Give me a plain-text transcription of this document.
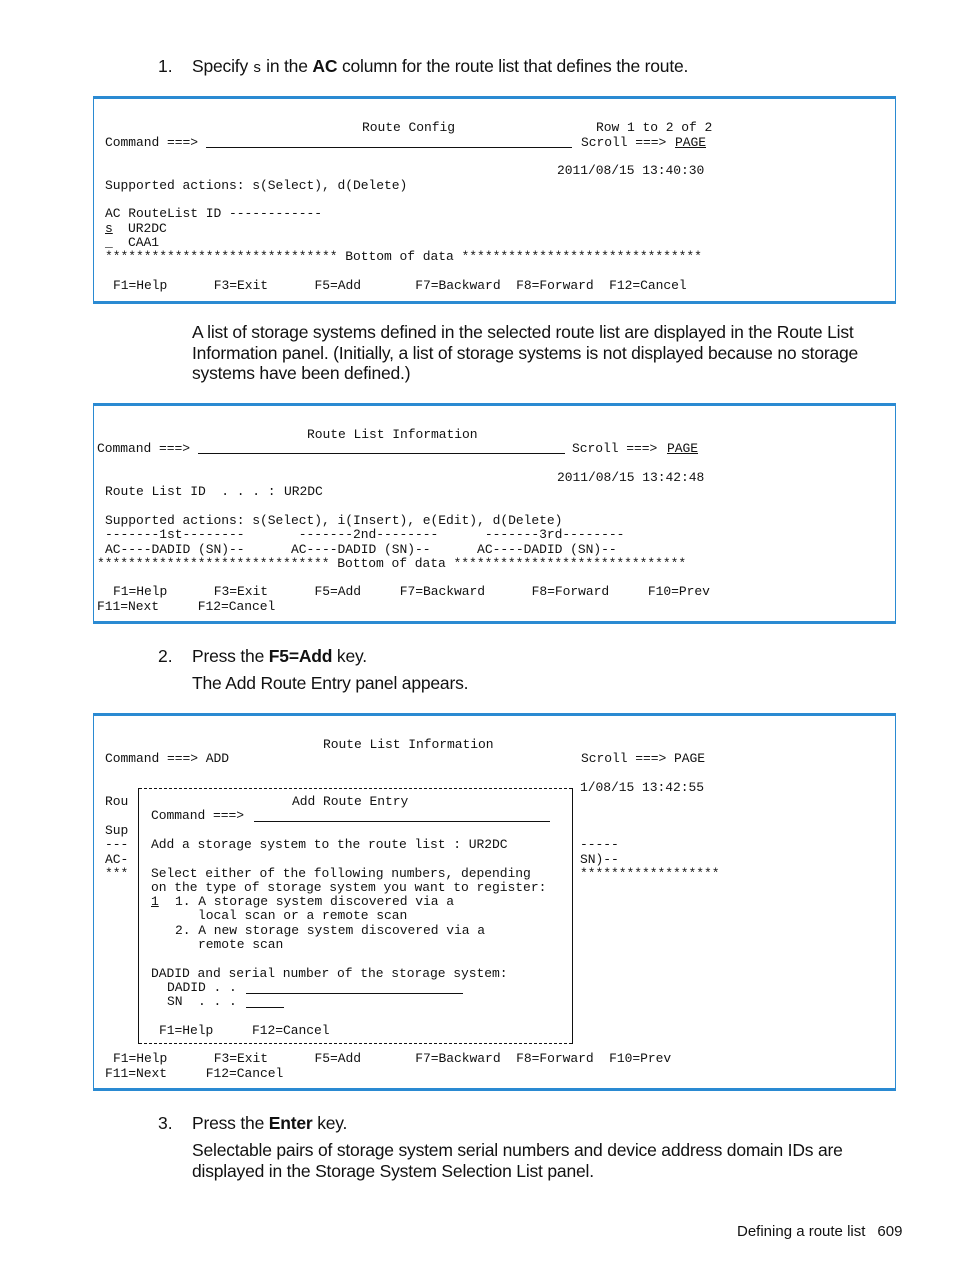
1. Specify s in the AC column for the route list that defines the route.
Route Config	Row 1 to 2 of 2
Command ===>	Scroll ===> PAGE
2011/08/15 13:40:30
Supported actions: s(Select), d(Delete)
AC RouteList ID ------------
s UR2DC
_ CAA1
****************************** Bottom of data *******************************
F1=Help      F3=Exit      F5=Add       F7=Backward  F8=Forward  F12=Cancel
A list of storage systems defined in the selected route list are displayed in the Route List Information panel. (Initially, a list of storage systems is not displayed because no storage systems have been defined.)
Route List Information
Command ===>	Scroll ===> PAGE
2011/08/15 13:42:48
Route List ID  . . . : UR2DC
Supported actions: s(Select), i(Insert), e(Edit), d(Delete)
-------1st--------       -------2nd--------      -------3rd--------
AC----DADID (SN)--      AC----DADID (SN)--      AC----DADID (SN)--
****************************** Bottom of data ******************************
F1=Help      F3=Exit      F5=Add     F7=Backward      F8=Forward     F10=Prev
F11=Next     F12=Cancel
2. Press the F5=Add key.
The Add Route Entry panel appears.
Route List Information
Command ===> ADD	Scroll ===> PAGE
1/08/15 13:42:55
Rou
Sup
---
AC-
***
-----
SN)--
******************
Add Route Entry
Command ===>
Add a storage system to the route list : UR2DC
Select either of the following numbers, depending
on the type of storage system you want to register:
1 1. A storage system discovered via a
local scan or a remote scan
2. A new storage system discovered via a
remote scan
DADID and serial number of the storage system:
DADID . .
SN  . . .
F1=Help     F12=Cancel
F1=Help      F3=Exit      F5=Add       F7=Backward  F8=Forward  F10=Prev
F11=Next     F12=Cancel
3. Press the Enter key.
Selectable pairs of storage system serial numbers and device address domain IDs are displayed in the Storage System Selection List panel.
Defining a route list 609
